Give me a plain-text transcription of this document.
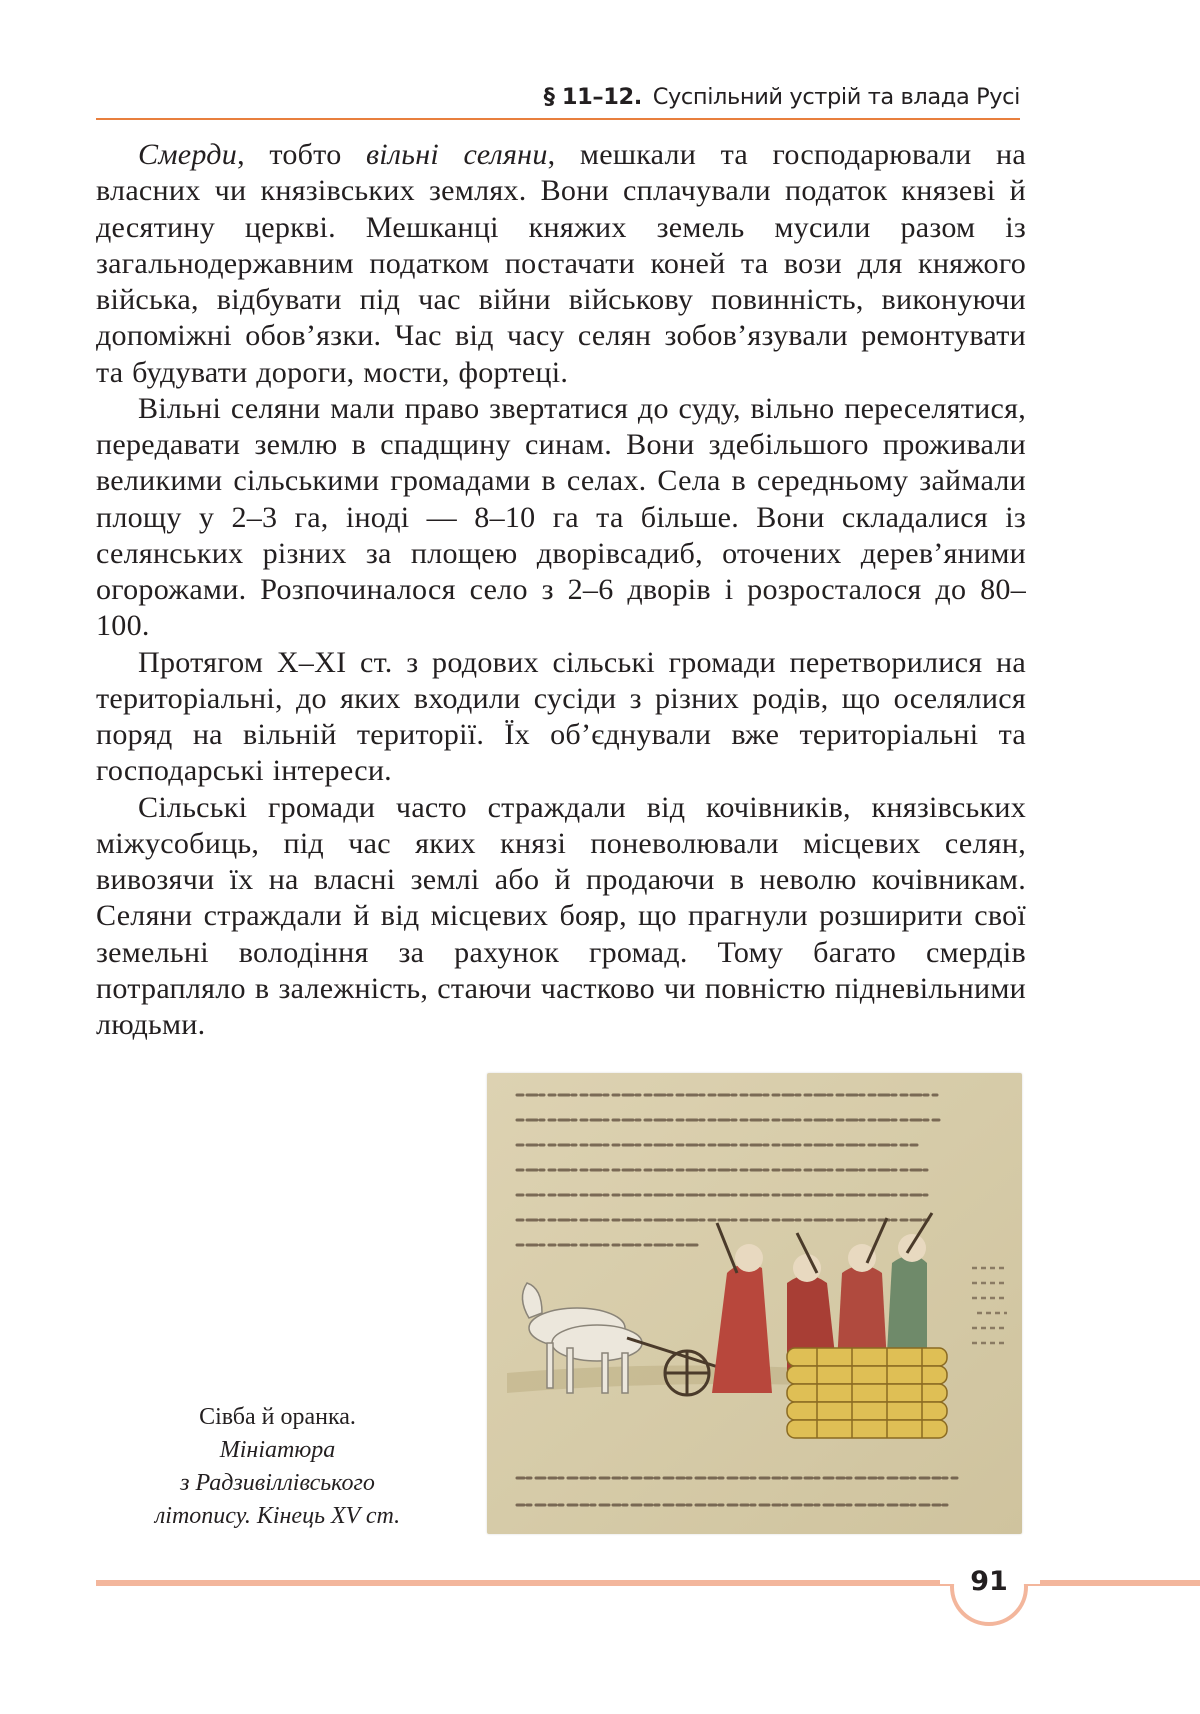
§ 11–12. Суспільний устрій та влада Русі

Смерди, тобто вільні селяни, мешкали та господарювали на власних чи князівських землях. Вони сплачували податок князеві й десятину церкві. Мешканці княжих земель мусили разом із загальнодержавним податком постачати коней та вози для княжого війська, відбувати під час війни військову повинність, виконуючи допоміжні обов’язки. Час від часу селян зобов’язували ремонтувати та будувати дороги, мости, фортеці.

Вільні селяни мали право звертатися до суду, вільно переселятися, передавати землю в спадщину синам. Вони здебільшого проживали великими сільськими громадами в селах. Села в середньому займали площу у 2–3 га, іноді — 8–10 га та більше. Вони складалися із селянських різних за площею дворівсадиб, оточених дерев’яними огорожами. Розпочиналося село з 2–6 дворів і розросталося до 80–100.

Протягом X–XI ст. з родових сільські громади перетворилися на територіальні, до яких входили сусіди з різних родів, що оселялися поряд на вільній території. Їх об’єднували вже територіальні та господарські інтереси.

Сільські громади часто страждали від кочівників, князівських міжусобиць, під час яких князі поневолювали місцевих селян, вивозячи їх на власні землі або й продаючи в неволю кочівникам. Селяни страждали й від місцевих бояр, що прагнули розширити свої земельні володіння за рахунок громад. Тому багато смердів потрапляло в залежність, стаючи частково чи повністю підневільними людьми.

Сівба й оранка.
Мініатюра
з Радзивіллівського
літопису. Кінець XV ст.
91
